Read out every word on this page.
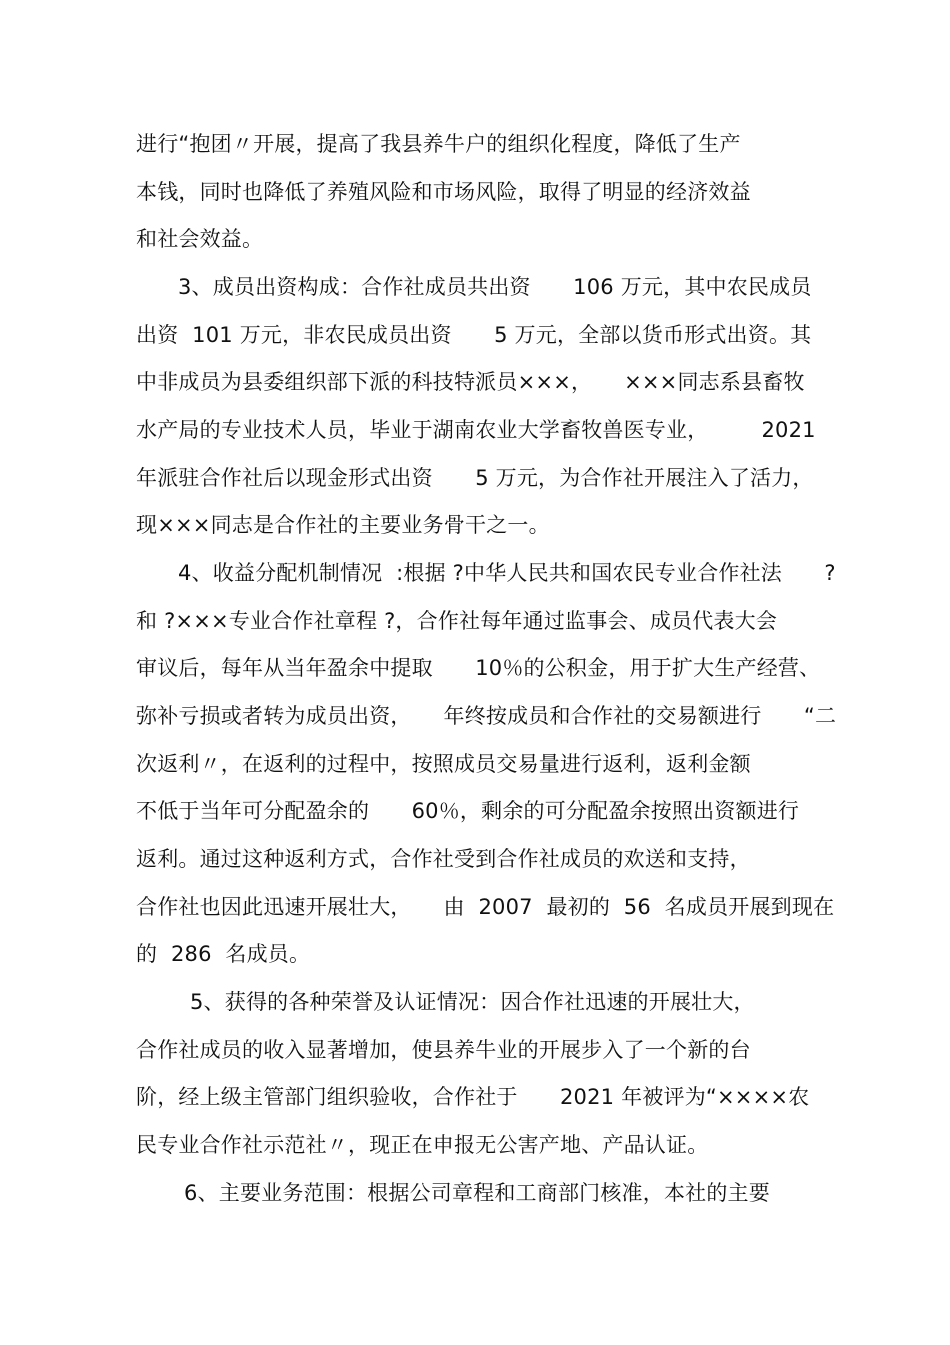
进行“抱团〃开展，提高了我县养牛户的组织化程度，降低了生产
本钱，同时也降低了养殖风险和市场风险，取得了明显的经济效益
和社会效益。
3、成员出资构成：合作社成员共出资　　106 万元，其中农民成员
出资  101 万元，非农民成员出资　　5 万元，全部以货币形式出资。其
中非成员为县委组织部下派的科技特派员×××，　　×××同志系县畜牧
水产局的专业技术人员，毕业于湖南农业大学畜牧兽医专业，　　　2021
年派驻合作社后以现金形式出资　　5 万元，为合作社开展注入了活力，
现×××同志是合作社的主要业务骨干之一。
4、收益分配机制情况  :根据 ?中华人民共和国农民专业合作社法　　?
和 ?×××专业合作社章程 ?，合作社每年通过监事会、成员代表大会
审议后，每年从当年盈余中提取　　10％的公积金，用于扩大生产经营、
弥补亏损或者转为成员出资，　　年终按成员和合作社的交易额进行　　“二
次返利〃，在返利的过程中，按照成员交易量进行返利，返利金额
不低于当年可分配盈余的　　60％，剩余的可分配盈余按照出资额进行
返利。通过这种返利方式，合作社受到合作社成员的欢送和支持，
合作社也因此迅速开展壮大，　　由  2007  最初的  56  名成员开展到现在
的  286  名成员。
5、获得的各种荣誉及认证情况：因合作社迅速的开展壮大，
合作社成员的收入显著增加，使县养牛业的开展步入了一个新的台
阶，经上级主管部门组织验收，合作社于　　2021 年被评为“××××农
民专业合作社示范社〃，现正在申报无公害产地、产品认证。
6、主要业务范围：根据公司章程和工商部门核准，本社的主要
